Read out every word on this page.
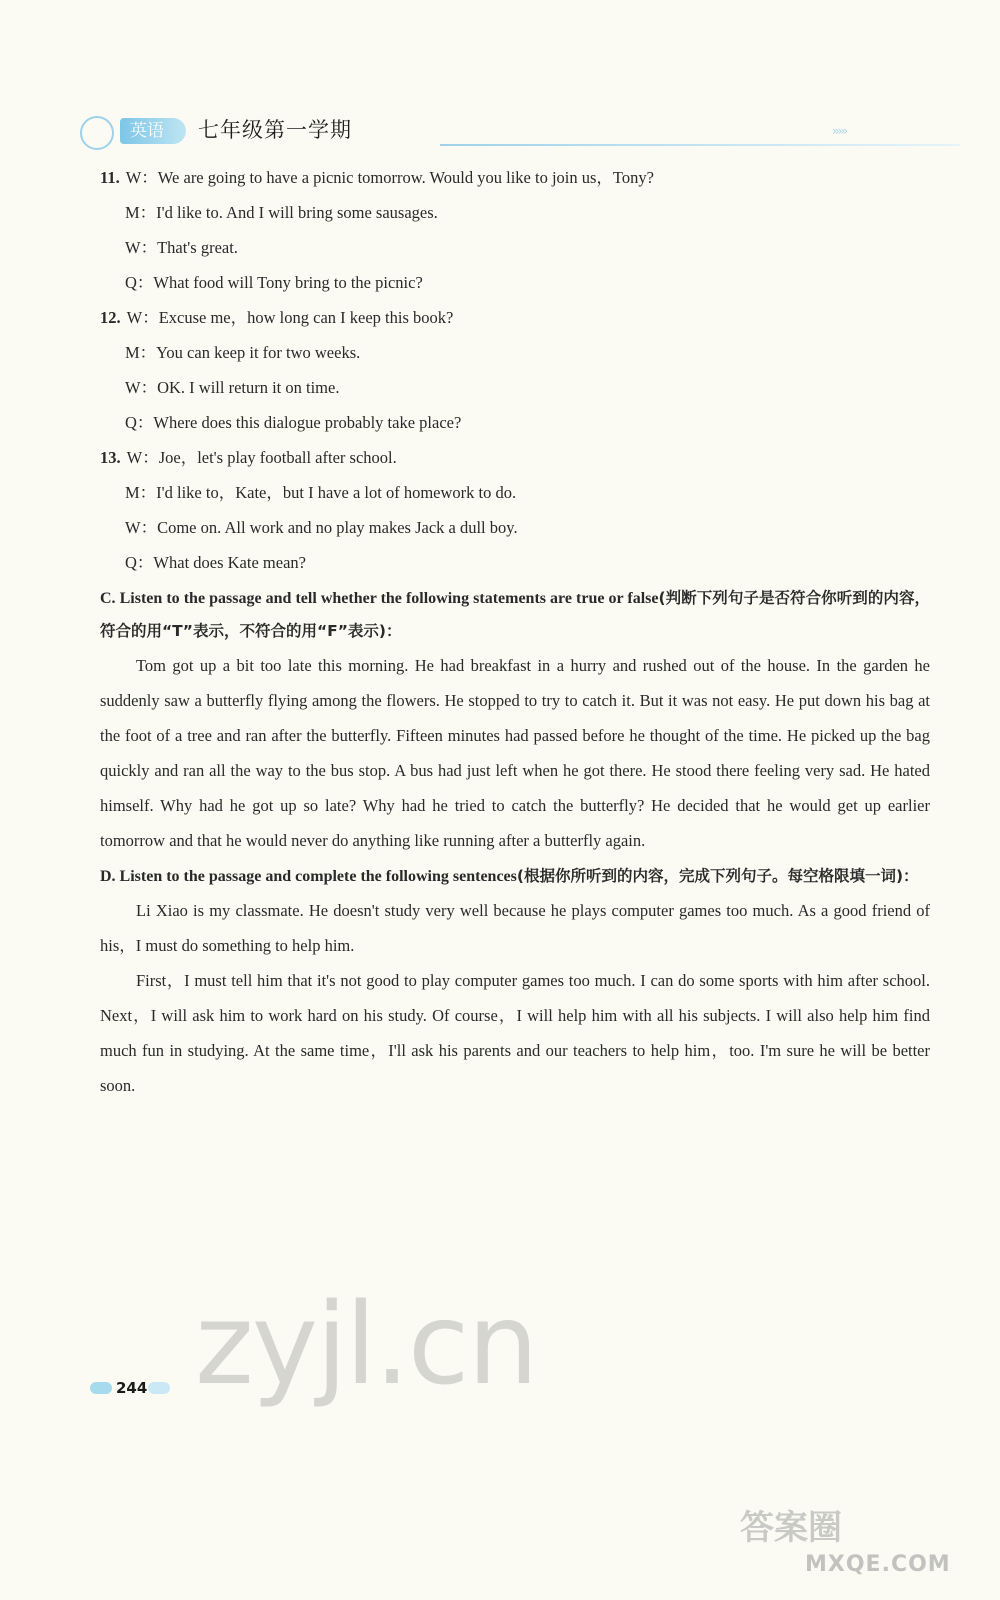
英语	七年级第一学期	›››››
11. W：We are going to have a picnic tomorrow. Would you like to join us，Tony?
M：I'd like to. And I will bring some sausages.
W：That's great.
Q：What food will Tony bring to the picnic?
12. W：Excuse me，how long can I keep this book?
M：You can keep it for two weeks.
W：OK. I will return it on time.
Q：Where does this dialogue probably take place?
13. W：Joe，let's play football after school.
M：I'd like to，Kate，but I have a lot of homework to do.
W：Come on. All work and no play makes Jack a dull boy.
Q：What does Kate mean?
C. Listen to the passage and tell whether the following statements are true or false(判断下列句子是否符合你听到的内容，符合的用“T”表示，不符合的用“F”表示)：

Tom got up a bit too late this morning. He had breakfast in a hurry and rushed out of the house. In the garden he suddenly saw a butterfly flying among the flowers. He stopped to try to catch it. But it was not easy. He put down his bag at the foot of a tree and ran after the butterfly. Fifteen minutes had passed before he thought of the time. He picked up the bag quickly and ran all the way to the bus stop. A bus had just left when he got there. He stood there feeling very sad. He hated himself. Why had he got up so late? Why had he tried to catch the butterfly? He decided that he would get up earlier tomorrow and that he would never do anything like running after a butterfly again.

D. Listen to the passage and complete the following sentences(根据你所听到的内容，完成下列句子。每空格限填一词)：

Li Xiao is my classmate. He doesn't study very well because he plays computer games too much. As a good friend of his，I must do something to help him.

First，I must tell him that it's not good to play computer games too much. I can do some sports with him after school. Next，I will ask him to work hard on his study. Of course，I will help him with all his subjects. I will also help him find much fun in studying. At the same time，I'll ask his parents and our teachers to help him，too. I'm sure he will be better soon.

zyjl.cn
244
答案圈
MXQE.COM
